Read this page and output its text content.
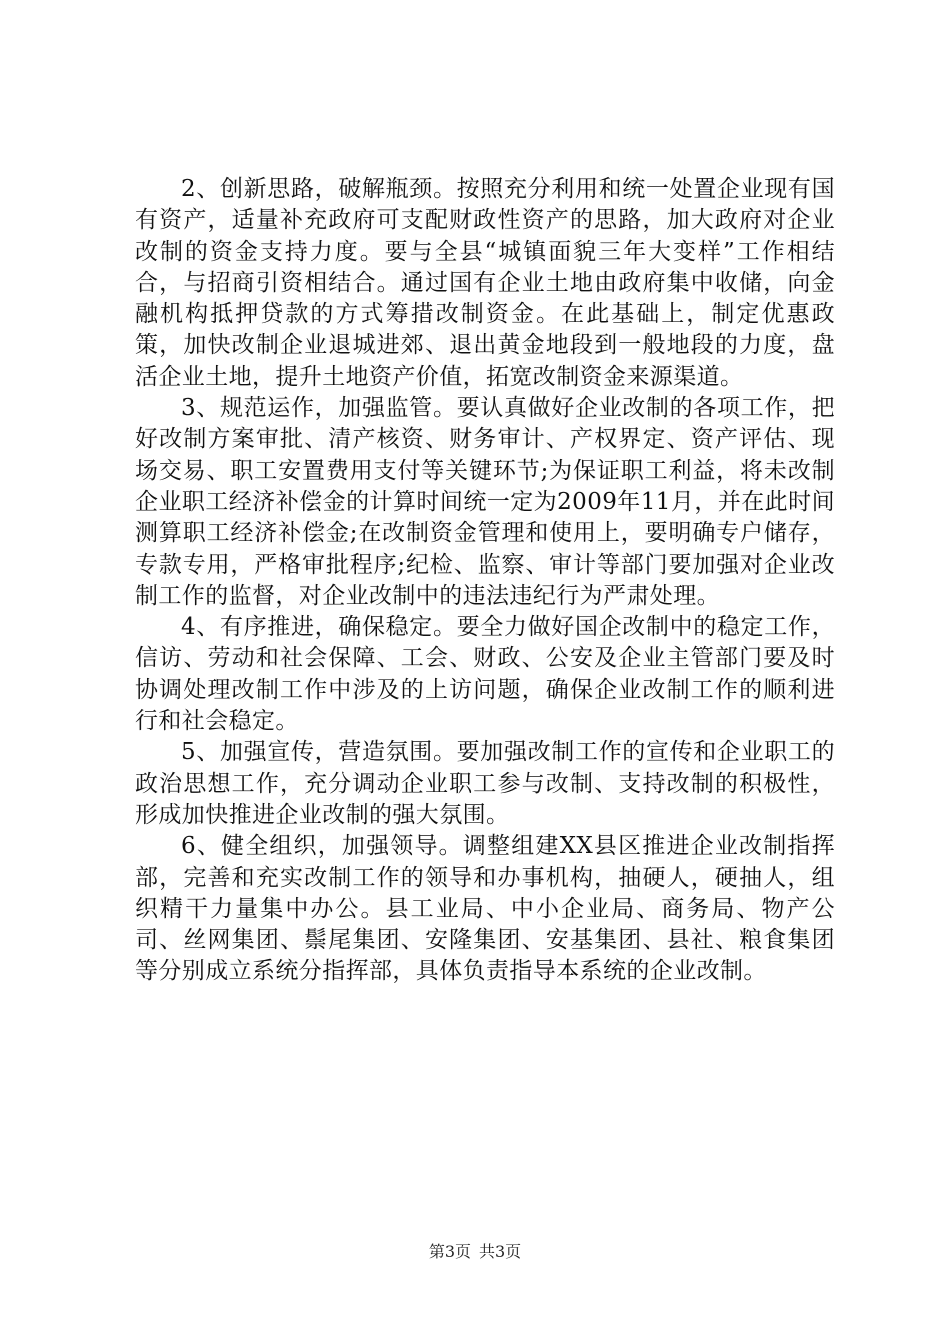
2、创新思路，破解瓶颈。按照充分利用和统一处置企业现有国有资产，适量补充政府可支配财政性资产的思路，加大政府对企业改制的资金支持力度。要与全县“城镇面貌三年大变样”工作相结合，与招商引资相结合。通过国有企业土地由政府集中收储，向金融机构抵押贷款的方式筹措改制资金。在此基础上，制定优惠政策，加快改制企业退城进郊、退出黄金地段到一般地段的力度，盘活企业土地，提升土地资产价值，拓宽改制资金来源渠道。

3、规范运作，加强监管。要认真做好企业改制的各项工作，把好改制方案审批、清产核资、财务审计、产权界定、资产评估、现场交易、职工安置费用支付等关键环节;为保证职工利益，将未改制企业职工经济补偿金的计算时间统一定为2009年11月，并在此时间测算职工经济补偿金;在改制资金管理和使用上，要明确专户储存，专款专用，严格审批程序;纪检、监察、审计等部门要加强对企业改制工作的监督，对企业改制中的违法违纪行为严肃处理。

4、有序推进，确保稳定。要全力做好国企改制中的稳定工作，信访、劳动和社会保障、工会、财政、公安及企业主管部门要及时协调处理改制工作中涉及的上访问题，确保企业改制工作的顺利进行和社会稳定。

5、加强宣传，营造氛围。要加强改制工作的宣传和企业职工的政治思想工作，充分调动企业职工参与改制、支持改制的积极性，形成加快推进企业改制的强大氛围。

6、健全组织，加强领导。调整组建XX县区推进企业改制指挥部，完善和充实改制工作的领导和办事机构，抽硬人，硬抽人，组织精干力量集中办公。县工业局、中小企业局、商务局、物产公司、丝网集团、鬃尾集团、安隆集团、安基集团、县社、粮食集团等分别成立系统分指挥部，具体负责指导本系统的企业改制。

第3页 共3页
